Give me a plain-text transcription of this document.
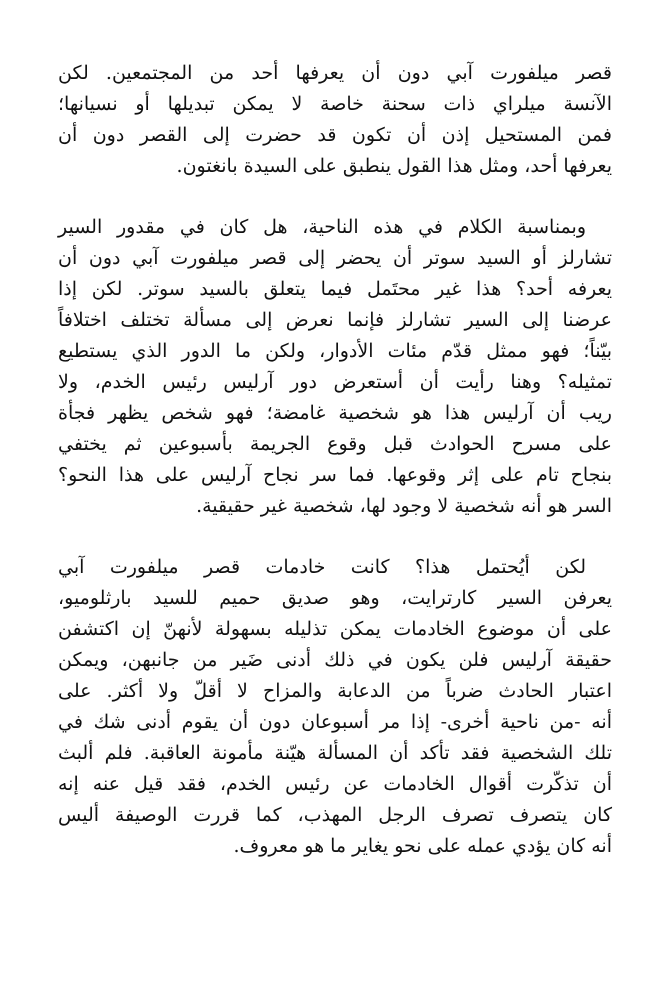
قصر ميلفورت آبي دون أن يعرفها أحد من المجتمعين. لكن
الآنسة ميلراي ذات سحنة خاصة لا يمكن تبديلها أو نسيانها؛
فمن المستحيل إذن أن تكون قد حضرت إلى القصر دون أن
يعرفها أحد، ومثل هذا القول ينطبق على السيدة بانغتون.
وبمناسبة الكلام في هذه الناحية، هل كان في مقدور السير
تشارلز أو السيد سوتر أن يحضر إلى قصر ميلفورت آبي دون أن
يعرفه أحد؟ هذا غير محتَمل فيما يتعلق بالسيد سوتر. لكن إذا
عرضنا إلى السير تشارلز فإنما نعرض إلى مسألة تختلف اختلافاً
بيّناً؛ فهو ممثل قدّم مئات الأدوار، ولكن ما الدور الذي يستطيع
تمثيله؟ وهنا رأيت أن أستعرض دور آرليس رئيس الخدم، ولا
ريب أن آرليس هذا هو شخصية غامضة؛ فهو شخص يظهر فجأة
على مسرح الحوادث قبل وقوع الجريمة بأسبوعين ثم يختفي
بنجاح تام على إثر وقوعها. فما سر نجاح آرليس على هذا النحو؟
السر هو أنه شخصية لا وجود لها، شخصية غير حقيقية.
لكن أيُحتمل هذا؟ كانت خادمات قصر ميلفورت آبي
يعرفن السير كارترايت، وهو صديق حميم للسيد بارثلوميو،
على أن موضوع الخادمات يمكن تذليله بسهولة لأنهنّ إن اكتشفن
حقيقة آرليس فلن يكون في ذلك أدنى ضَير من جانبهن، ويمكن
اعتبار الحادث ضرباً من الدعابة والمزاح لا أقلّ ولا أكثر. على
أنه -من ناحية أخرى- إذا مر أسبوعان دون أن يقوم أدنى شك في
تلك الشخصية فقد تأكد أن المسألة هيّنة مأمونة العاقبة. فلم ألبث
أن تذكّرت أقوال الخادمات عن رئيس الخدم، فقد قيل عنه إنه
كان يتصرف تصرف الرجل المهذب، كما قررت الوصيفة أليس
أنه كان يؤدي عمله على نحو يغاير ما هو معروف.
